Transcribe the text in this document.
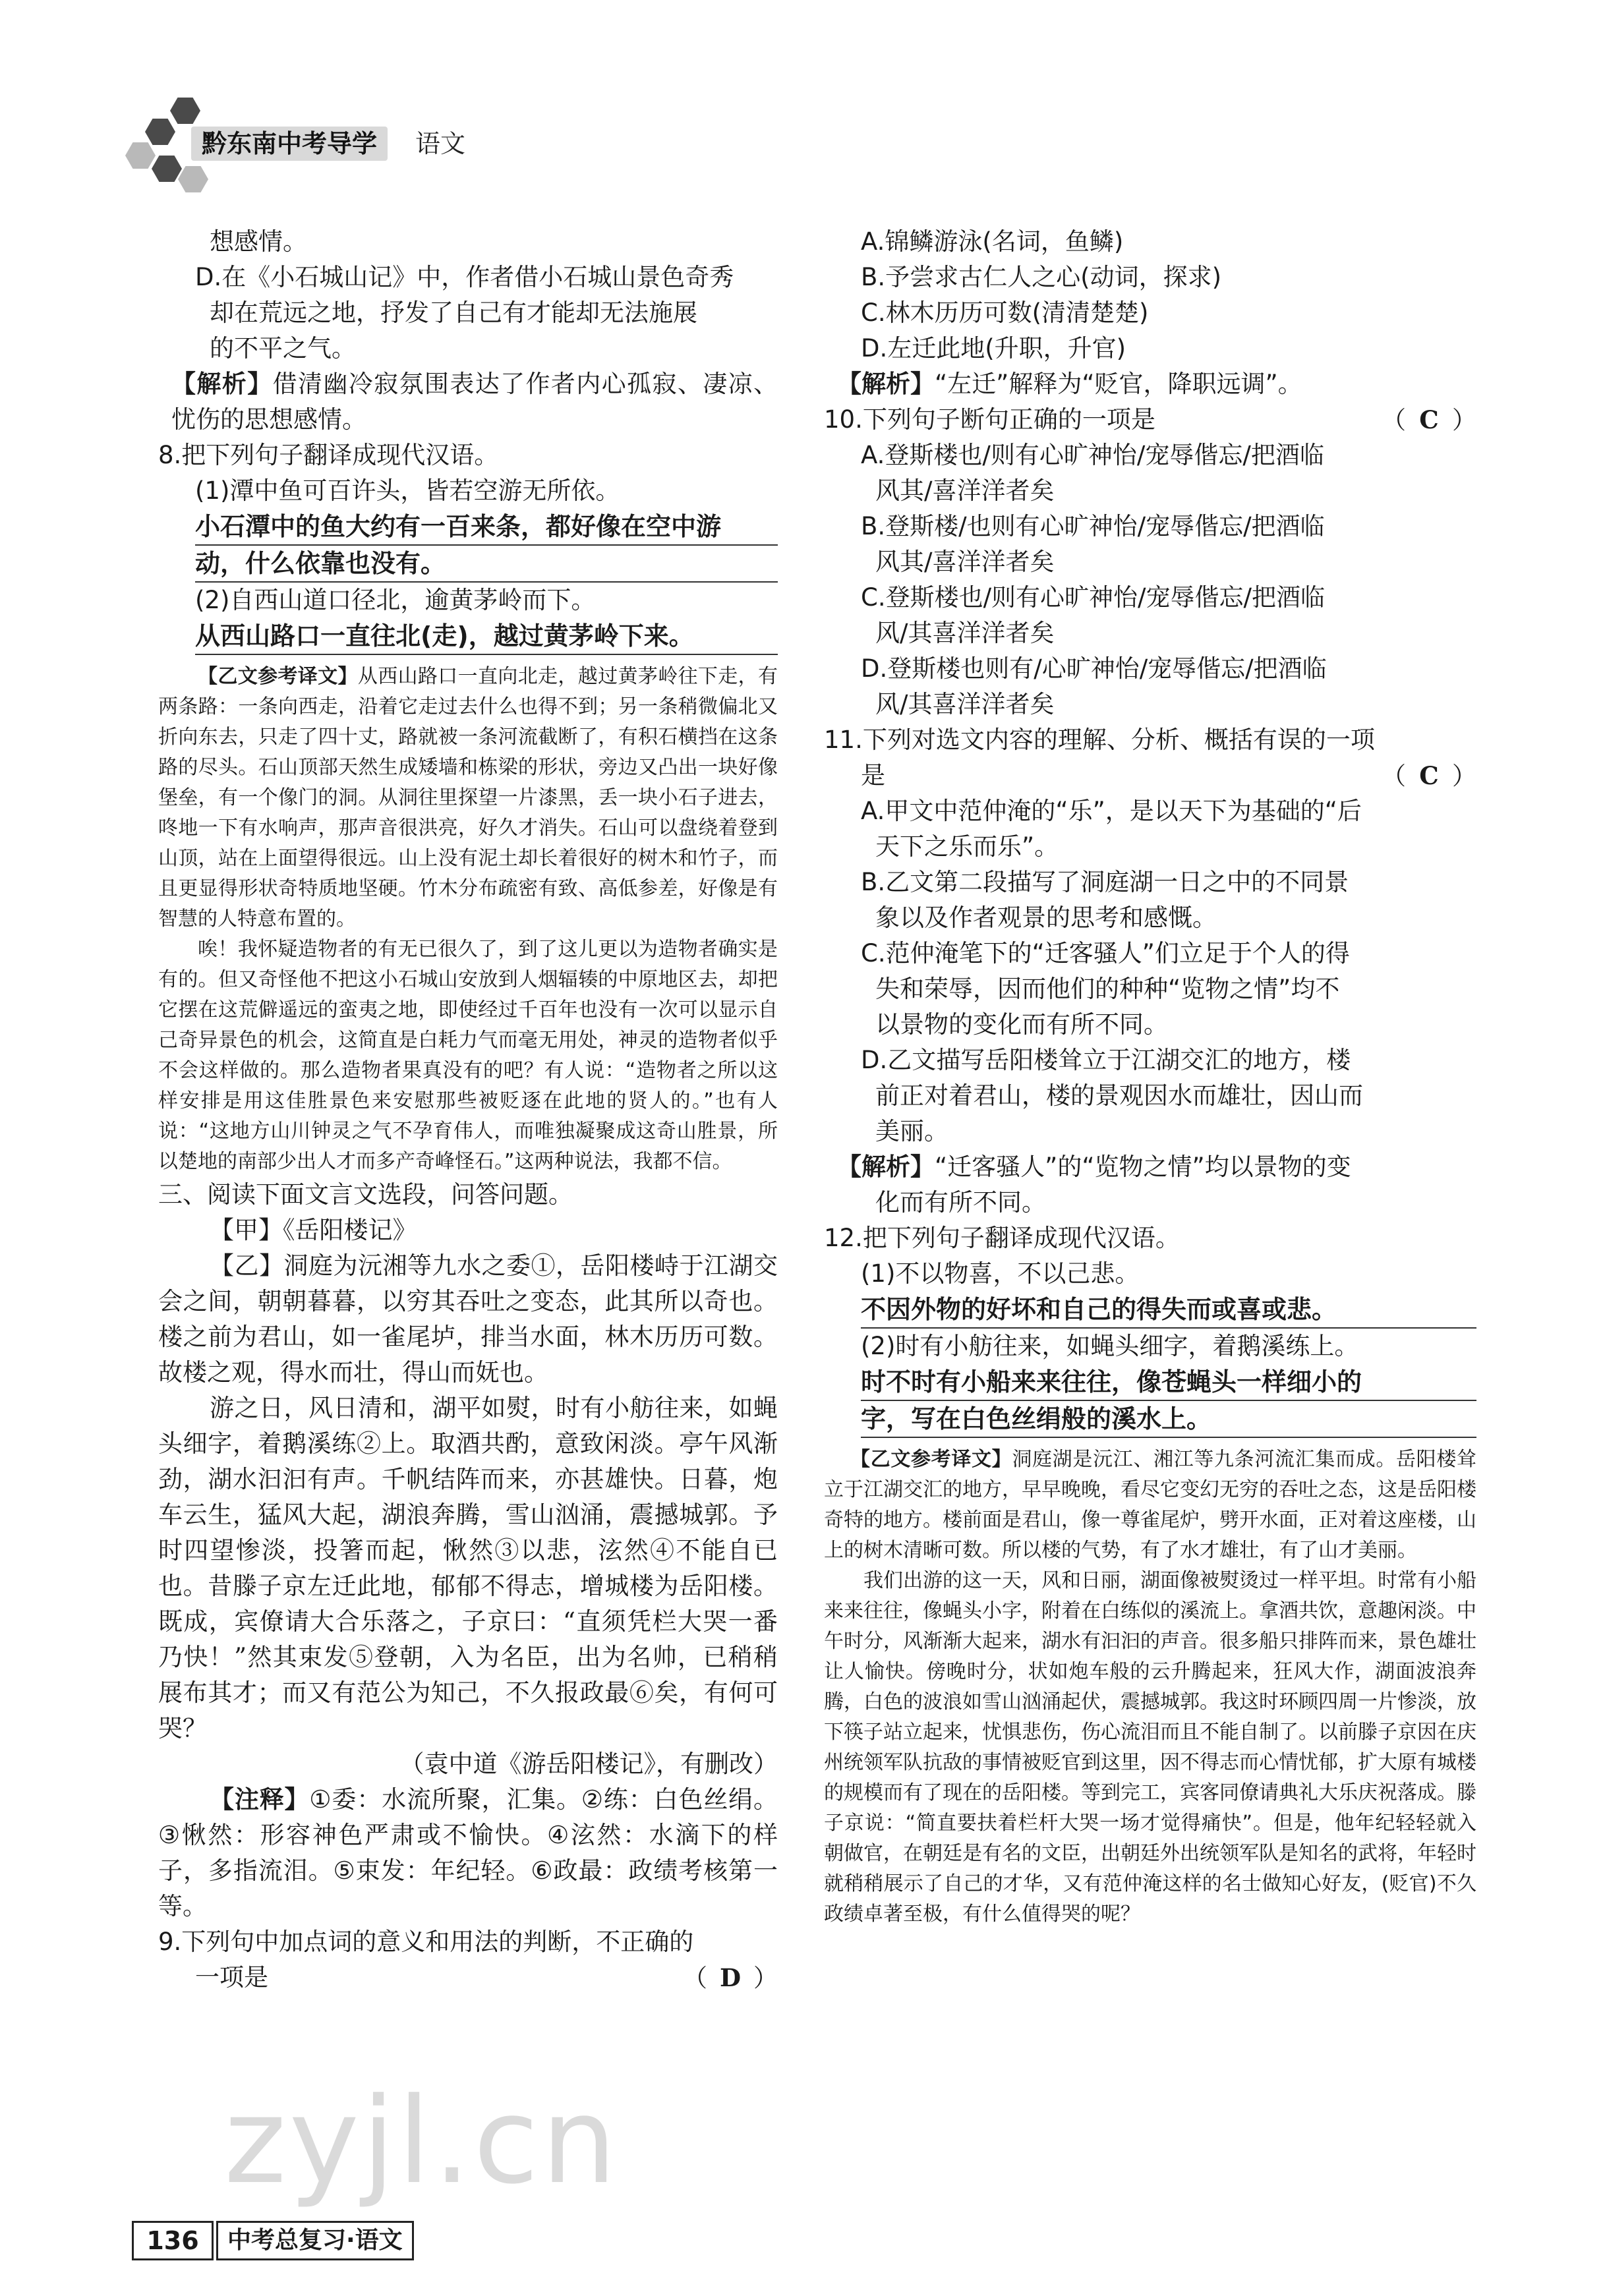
黔东南中考导学	语文

想感情。

D.在《小石城山记》中，作者借小石城山景色奇秀

却在荒远之地，抒发了自己有才能却无法施展

的不平之气。

【解析】借清幽冷寂氛围表达了作者内心孤寂、凄凉、忧伤的思想感情。

8.把下列句子翻译成现代汉语。

(1)潭中鱼可百许头，皆若空游无所依。

小石潭中的鱼大约有一百来条，都好像在空中游

动，什么依靠也没有。

(2)自西山道口径北，逾黄茅岭而下。

从西山路口一直往北(走)，越过黄茅岭下来。

【乙文参考译文】从西山路口一直向北走，越过黄茅岭往下走，有两条路：一条向西走，沿着它走过去什么也得不到；另一条稍微偏北又折向东去，只走了四十丈，路就被一条河流截断了，有积石横挡在这条路的尽头。石山顶部天然生成矮墙和栋梁的形状，旁边又凸出一块好像堡垒，有一个像门的洞。从洞往里探望一片漆黑，丢一块小石子进去，咚地一下有水响声，那声音很洪亮，好久才消失。石山可以盘绕着登到山顶，站在上面望得很远。山上没有泥土却长着很好的树木和竹子，而且更显得形状奇特质地坚硬。竹木分布疏密有致、高低参差，好像是有智慧的人特意布置的。

唉！我怀疑造物者的有无已很久了，到了这儿更以为造物者确实是有的。但又奇怪他不把这小石城山安放到人烟辐辏的中原地区去，却把它摆在这荒僻遥远的蛮夷之地，即使经过千百年也没有一次可以显示自己奇异景色的机会，这简直是白耗力气而毫无用处，神灵的造物者似乎不会这样做的。那么造物者果真没有的吧？有人说：“造物者之所以这样安排是用这佳胜景色来安慰那些被贬逐在此地的贤人的。”也有人说：“这地方山川钟灵之气不孕育伟人，而唯独凝聚成这奇山胜景，所以楚地的南部少出人才而多产奇峰怪石。”这两种说法，我都不信。

三、阅读下面文言文选段，问答问题。

【甲】《岳阳楼记》

【乙】洞庭为沅湘等九水之委①，岳阳楼峙于江湖交会之间，朝朝暮暮，以穷其吞吐之变态，此其所以奇也。楼之前为君山，如一雀尾垆，排当水面，林木历历可数。故楼之观，得水而壮，得山而妩也。

游之日，风日清和，湖平如熨，时有小舫往来，如蝇头细字，着鹅溪练②上。取酒共酌，意致闲淡。亭午风渐劲，湖水汩汩有声。千帆结阵而来，亦甚雄快。日暮，炮车云生，猛风大起，湖浪奔腾，雪山汹涌，震撼城郭。予时四望惨淡，投箸而起，愀然③以悲，泫然④不能自已也。昔滕子京左迁此地，郁郁不得志，增城楼为岳阳楼。既成，宾僚请大合乐落之，子京曰：“直须凭栏大哭一番乃快！”然其束发⑤登朝，入为名臣，出为名帅，已稍稍展布其才；而又有范公为知己，不久报政最⑥矣，有何可哭？

（袁中道《游岳阳楼记》，有删改）

【注释】①委：水流所聚，汇集。②练：白色丝绢。③愀然：形容神色严肃或不愉快。④泫然：水滴下的样子，多指流泪。⑤束发：年纪轻。⑥政最：政绩考核第一等。

9.下列句中加点词的意义和用法的判断，不正确的

一项是	（ D ）

A.锦鳞游泳(名词，鱼鳞)

B.予尝求古仁人之心(动词，探求)

C.林木历历可数(清清楚楚)

D.左迁此地(升职，升官)

【解析】“左迁”解释为“贬官，降职远调”。

10.下列句子断句正确的一项是	（ C ）

A.登斯楼也/则有心旷神怡/宠辱偕忘/把酒临

风其/喜洋洋者矣

B.登斯楼/也则有心旷神怡/宠辱偕忘/把酒临

风其/喜洋洋者矣

C.登斯楼也/则有心旷神怡/宠辱偕忘/把酒临

风/其喜洋洋者矣

D.登斯楼也则有/心旷神怡/宠辱偕忘/把酒临

风/其喜洋洋者矣

11.下列对选文内容的理解、分析、概括有误的一项

是	（ C ）

A.甲文中范仲淹的“乐”，是以天下为基础的“后

天下之乐而乐”。

B.乙文第二段描写了洞庭湖一日之中的不同景

象以及作者观景的思考和感慨。

C.范仲淹笔下的“迁客骚人”们立足于个人的得

失和荣辱，因而他们的种种“览物之情”均不

以景物的变化而有所不同。

D.乙文描写岳阳楼耸立于江湖交汇的地方，楼

前正对着君山，楼的景观因水而雄壮，因山而

美丽。

【解析】“迁客骚人”的“览物之情”均以景物的变

化而有所不同。

12.把下列句子翻译成现代汉语。

(1)不以物喜，不以己悲。

不因外物的好坏和自己的得失而或喜或悲。

(2)时有小舫往来，如蝇头细字，着鹅溪练上。

时不时有小船来来往往，像苍蝇头一样细小的

字，写在白色丝绢般的溪水上。

【乙文参考译文】洞庭湖是沅江、湘江等九条河流汇集而成。岳阳楼耸立于江湖交汇的地方，早早晚晚，看尽它变幻无穷的吞吐之态，这是岳阳楼奇特的地方。楼前面是君山，像一尊雀尾炉，劈开水面，正对着这座楼，山上的树木清晰可数。所以楼的气势，有了水才雄壮，有了山才美丽。

我们出游的这一天，风和日丽，湖面像被熨烫过一样平坦。时常有小船来来往往，像蝇头小字，附着在白练似的溪流上。拿酒共饮，意趣闲淡。中午时分，风渐渐大起来，湖水有汩汩的声音。很多船只排阵而来，景色雄壮让人愉快。傍晚时分，状如炮车般的云升腾起来，狂风大作，湖面波浪奔腾，白色的波浪如雪山汹涌起伏，震撼城郭。我这时环顾四周一片惨淡，放下筷子站立起来，忧惧悲伤，伤心流泪而且不能自制了。以前滕子京因在庆州统领军队抗敌的事情被贬官到这里，因不得志而心情忧郁，扩大原有城楼的规模而有了现在的岳阳楼。等到完工，宾客同僚请典礼大乐庆祝落成。滕子京说：“简直要扶着栏杆大哭一场才觉得痛快”。但是，他年纪轻轻就入朝做官，在朝廷是有名的文臣，出朝廷外出统领军队是知名的武将，年轻时就稍稍展示了自己的才华，又有范仲淹这样的名士做知心好友，(贬官)不久政绩卓著至极，有什么值得哭的呢？

zyjl.cn
136	中考总复习·语文
